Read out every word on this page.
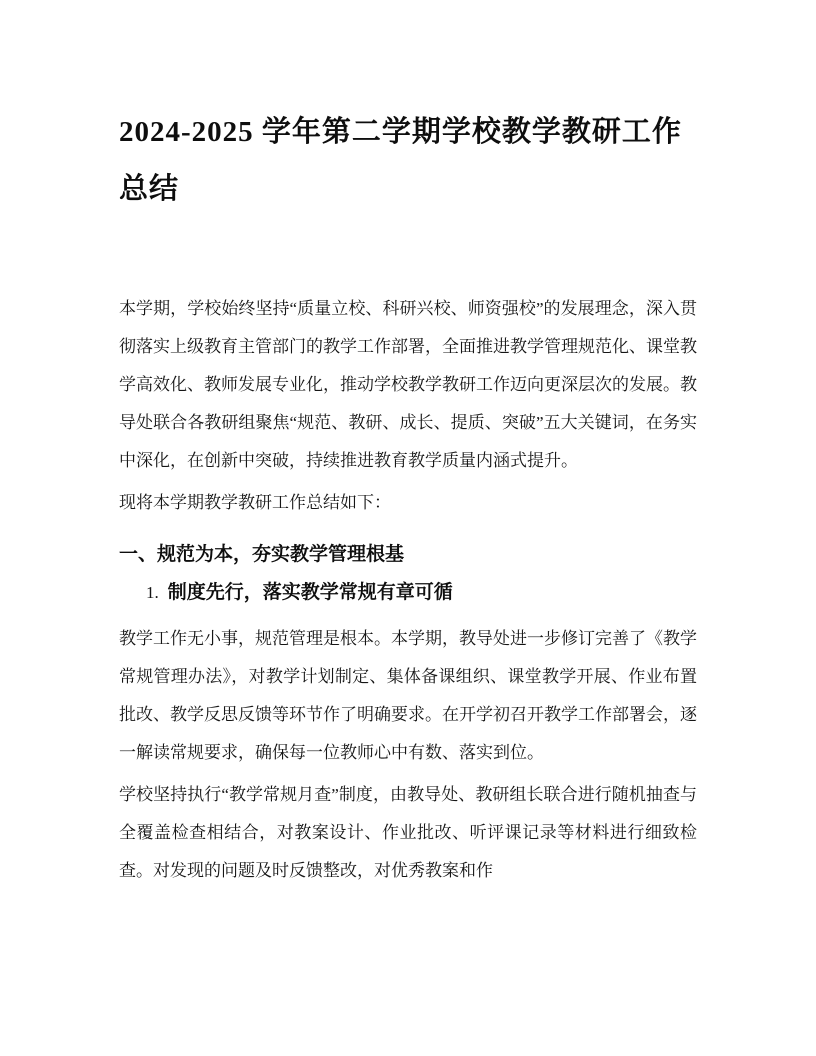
2024-2025 学年第二学期学校教学教研工作总结

本学期，学校始终坚持“质量立校、科研兴校、师资强校”的发展理念，深入贯彻落实上级教育主管部门的教学工作部署，全面推进教学管理规范化、课堂教学高效化、教师发展专业化，推动学校教学教研工作迈向更深层次的发展。教导处联合各教研组聚焦“规范、教研、成长、提质、突破”五大关键词，在务实中深化，在创新中突破，持续推进教育教学质量内涵式提升。

现将本学期教学教研工作总结如下：

一、规范为本，夯实教学管理根基
1. 制度先行，落实教学常规有章可循

教学工作无小事，规范管理是根本。本学期，教导处进一步修订完善了《教学常规管理办法》，对教学计划制定、集体备课组织、课堂教学开展、作业布置批改、教学反思反馈等环节作了明确要求。在开学初召开教学工作部署会，逐一解读常规要求，确保每一位教师心中有数、落实到位。

学校坚持执行“教学常规月查”制度，由教导处、教研组长联合进行随机抽查与全覆盖检查相结合，对教案设计、作业批改、听评课记录等材料进行细致检查。对发现的问题及时反馈整改，对优秀教案和作
